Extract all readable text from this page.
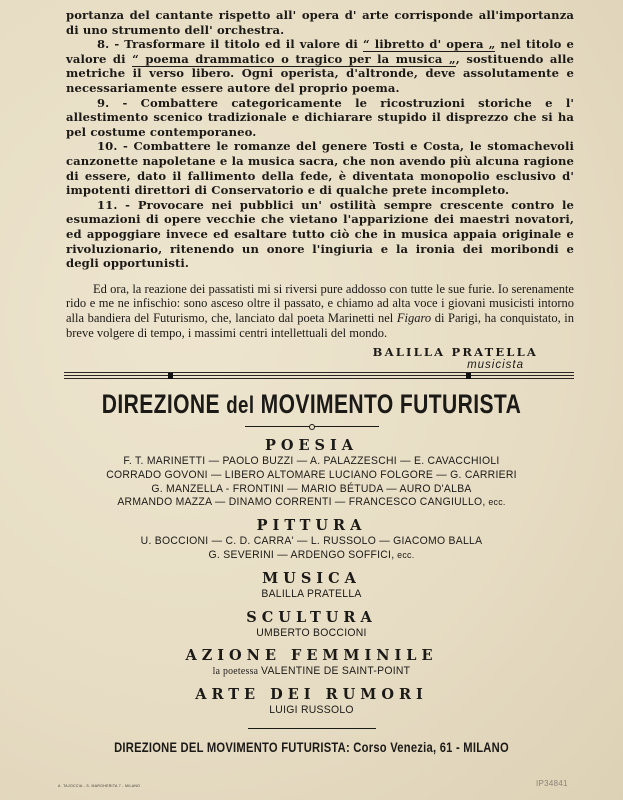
portanza del cantante rispetto all' opera d' arte corrisponde all'importanza di uno strumento dell' orchestra.

8. - Trasformare il titolo ed il valore di “ libretto d' opera „ nel titolo e valore di “ poema drammatico o tragico per la musica „, sostituendo alle metriche il verso libero. Ogni operista, d'altronde, deve assolutamente e necessariamente essere autore del proprio poema.

9. - Combattere categoricamente le ricostruzioni storiche e l' allestimento scenico tradizionale e dichiarare stupido il disprezzo che si ha pel costume contemporaneo.

10. - Combattere le romanze del genere Tosti e Costa, le stomachevoli canzonette napoletane e la musica sacra, che non avendo più alcuna ragione di essere, dato il fallimento della fede, è diventata monopolio esclusivo d' impotenti direttori di Conservatorio e di qualche prete incompleto.

11. - Provocare nei pubblici un' ostilità sempre crescente contro le esumazioni di opere vecchie che vietano l'apparizione dei maestri novatori, ed appoggiare invece ed esaltare tutto ciò che in musica appaia originale e rivoluzionario, ritenendo un onore l'ingiuria e la ironia dei moribondi e degli opportunisti.

Ed ora, la reazione dei passatisti mi si riversi pure addosso con tutte le sue furie. Io serenamente rido e me ne infischio: sono asceso oltre il passato, e chiamo ad alta voce i giovani musicisti intorno alla bandiera del Futurismo, che, lanciato dal poeta Marinetti nel Figaro di Parigi, ha conquistato, in breve volgere di tempo, i massimi centri intellettuali del mondo.

BALILLA PRATELLA
musicista
DIREZIONE del MOVIMENTO FUTURISTA
POESIA
F. T. MARINETTI — PAOLO BUZZI — A. PALAZZESCHI — E. CAVACCHIOLI
CORRADO GOVONI — LIBERO ALTOMARE LUCIANO FOLGORE — G. CARRIERI
G. MANZELLA - FRONTINI — MARIO BÉTUDA — AURO D'ALBA
ARMANDO MAZZA — DINAMO CORRENTI — FRANCESCO CANGIULLO, ecc.
PITTURA
U. BOCCIONI — C. D. CARRA' — L. RUSSOLO — GIACOMO BALLA
G. SEVERINI — ARDENGO SOFFICI, ecc.
MUSICA
BALILLA PRATELLA
SCULTURA
UMBERTO BOCCIONI
AZIONE FEMMINILE
la poetessa VALENTINE DE SAINT-POINT
ARTE DEI RUMORI
LUIGI RUSSOLO
DIREZIONE DEL MOVIMENTO FUTURISTA: Corso Venezia, 61 - MILANO
A. TAJOCCIA - S. MARGHERITA 7 - MILANO	IP34841
